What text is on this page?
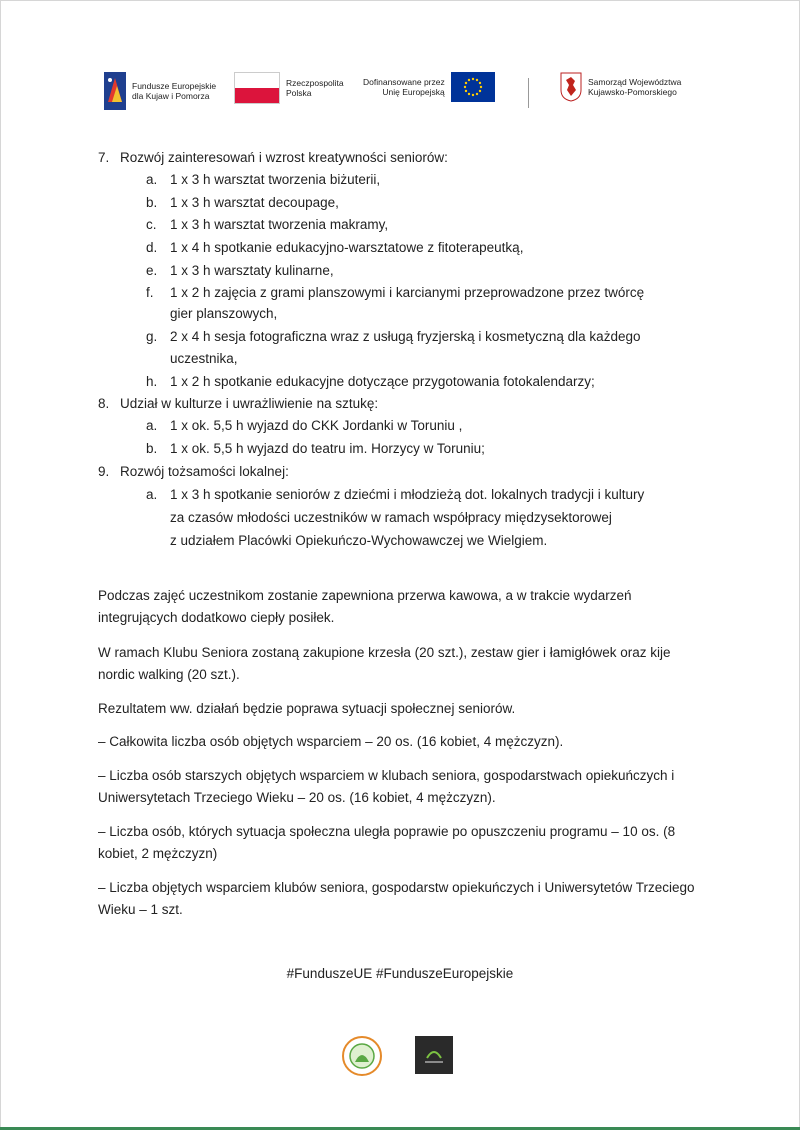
Fundusze Europejskie
dla Kujaw i Pomorza
Rzeczpospolita
Polska
Dofinansowane przez
Unię Europejską
Samorząd Województwa
Kujawsko-Pomorskiego
7. Rozwój zainteresowań i wzrost kreatywności seniorów:
a. 1 x 3 h warsztat tworzenia biżuterii,
b. 1 x 3 h warsztat decoupage,
c. 1 x 3 h warsztat tworzenia makramy,
d. 1 x 4 h spotkanie edukacyjno-warsztatowe z fitoterapeutką,
e. 1 x 3 h warsztaty kulinarne,
f. 1 x 2 h zajęcia z grami planszowymi i karcianymi przeprowadzone przez twórcę
gier planszowych,
g. 2 x 4 h sesja fotograficzna wraz z usługą fryzjerską i kosmetyczną dla każdego
uczestnika,
h. 1 x 2 h spotkanie edukacyjne dotyczące przygotowania fotokalendarzy;
8. Udział w kulturze i uwrażliwienie na sztukę:
a. 1 x ok. 5,5 h wyjazd do CKK Jordanki w Toruniu ,
b. 1 x ok. 5,5 h wyjazd do teatru im. Horzycy w Toruniu;
9. Rozwój tożsamości lokalnej:
a. 1 x 3 h spotkanie seniorów z dziećmi i młodzieżą dot. lokalnych tradycji i kultury
za czasów młodości uczestników w ramach współpracy międzysektorowej
z udziałem Placówki Opiekuńczo-Wychowawczej we Wielgiem.
Podczas zajęć uczestnikom zostanie zapewniona przerwa kawowa, a w trakcie wydarzeń integrujących dodatkowo ciepły posiłek.
W ramach Klubu Seniora zostaną zakupione krzesła (20 szt.), zestaw gier i łamigłówek oraz kije nordic walking (20 szt.).
Rezultatem ww. działań będzie poprawa sytuacji społecznej seniorów.
– Całkowita liczba osób objętych wsparciem – 20 os. (16 kobiet, 4 mężczyzn).
– Liczba osób starszych objętych wsparciem w klubach seniora, gospodarstwach opiekuńczych i Uniwersytetach Trzeciego Wieku – 20 os. (16 kobiet, 4 mężczyzn).
– Liczba osób, których sytuacja społeczna uległa poprawie po opuszczeniu programu – 10 os. (8 kobiet, 2 mężczyzn)
– Liczba objętych wsparciem klubów seniora, gospodarstw opiekuńczych i Uniwersytetów Trzeciego Wieku – 1 szt.
#FunduszeUE #FunduszeEuropejskie
